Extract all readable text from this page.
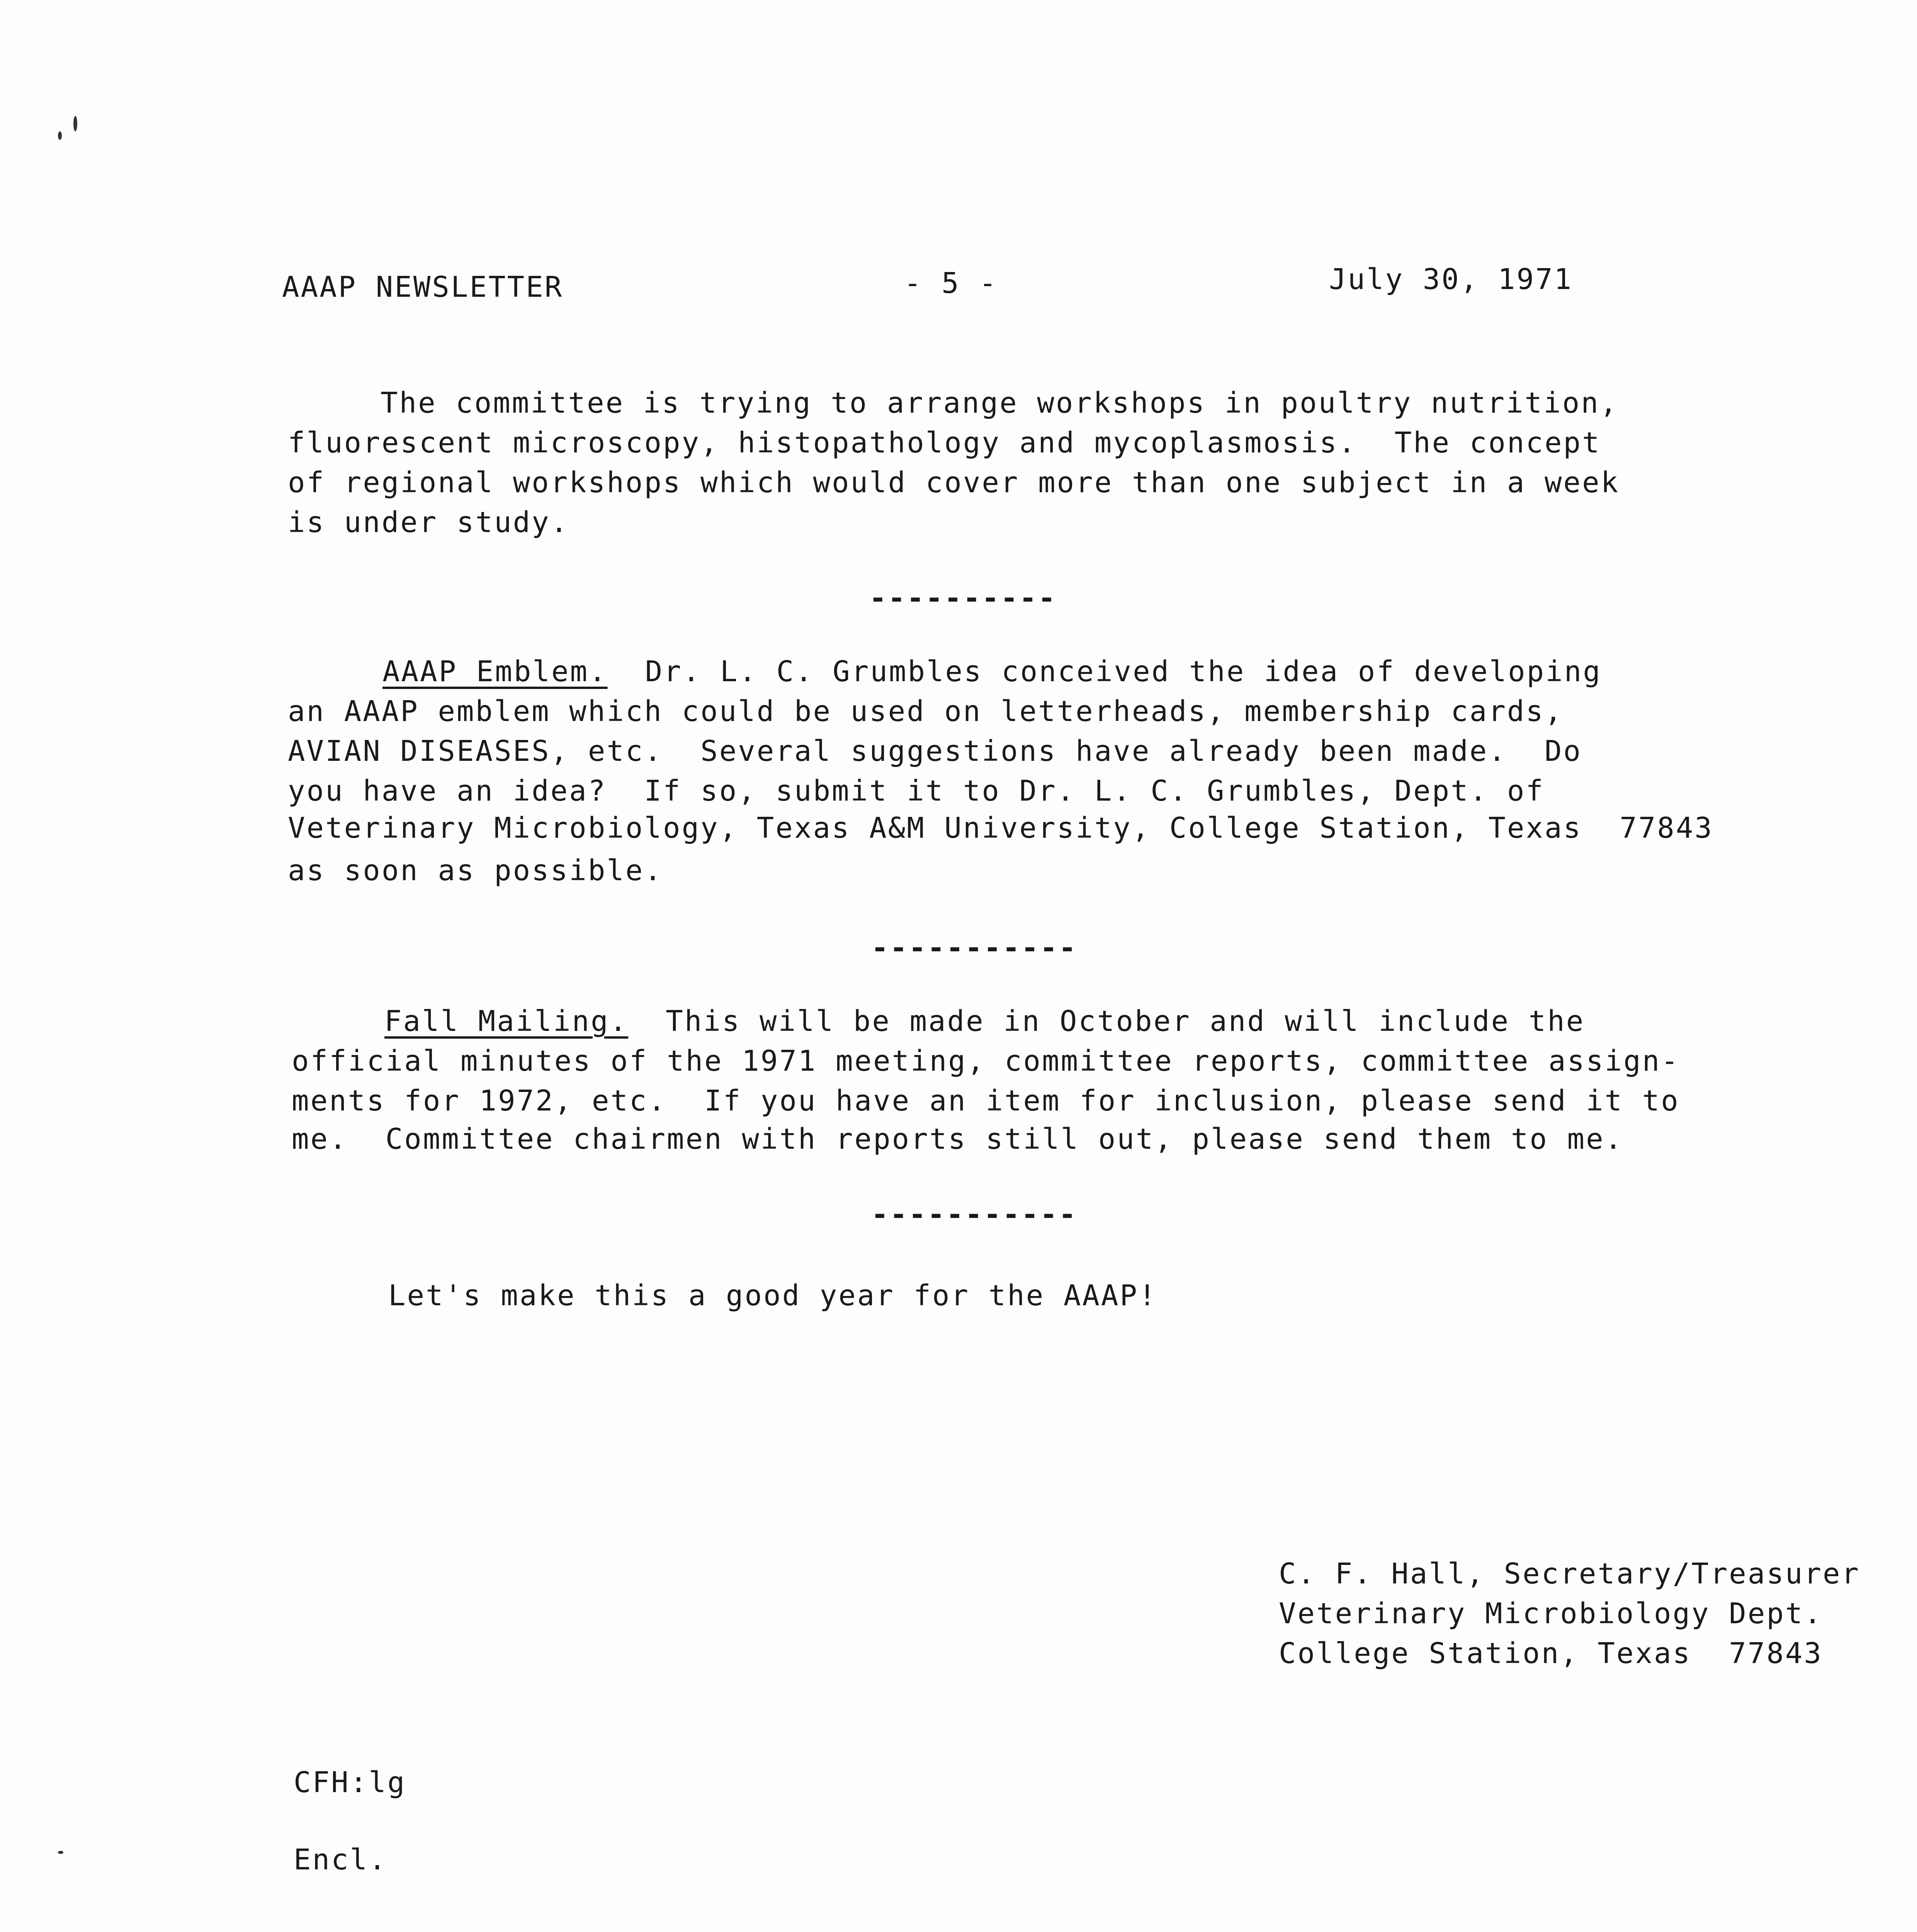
AAAP NEWSLETTER	- 5 -	July 30, 1971
The committee is trying to arrange workshops in poultry nutrition,
fluorescent microscopy, histopathology and mycoplasmosis.  The concept
of regional workshops which would cover more than one subject in a week
is under study.
----------
AAAP Emblem.  Dr. L. C. Grumbles conceived the idea of developing
an AAAP emblem which could be used on letterheads, membership cards,
AVIAN DISEASES, etc.  Several suggestions have already been made.  Do
you have an idea?  If so, submit it to Dr. L. C. Grumbles, Dept. of
Veterinary Microbiology, Texas A&M University, College Station, Texas  77843
as soon as possible.
-----------
Fall Mailing.  This will be made in October and will include the
official minutes of the 1971 meeting, committee reports, committee assign-
ments for 1972, etc.  If you have an item for inclusion, please send it to
me.  Committee chairmen with reports still out, please send them to me.
-----------
Let's make this a good year for the AAAP!
C. F. Hall, Secretary/Treasurer
Veterinary Microbiology Dept.
College Station, Texas  77843
CFH:lg
Encl.
